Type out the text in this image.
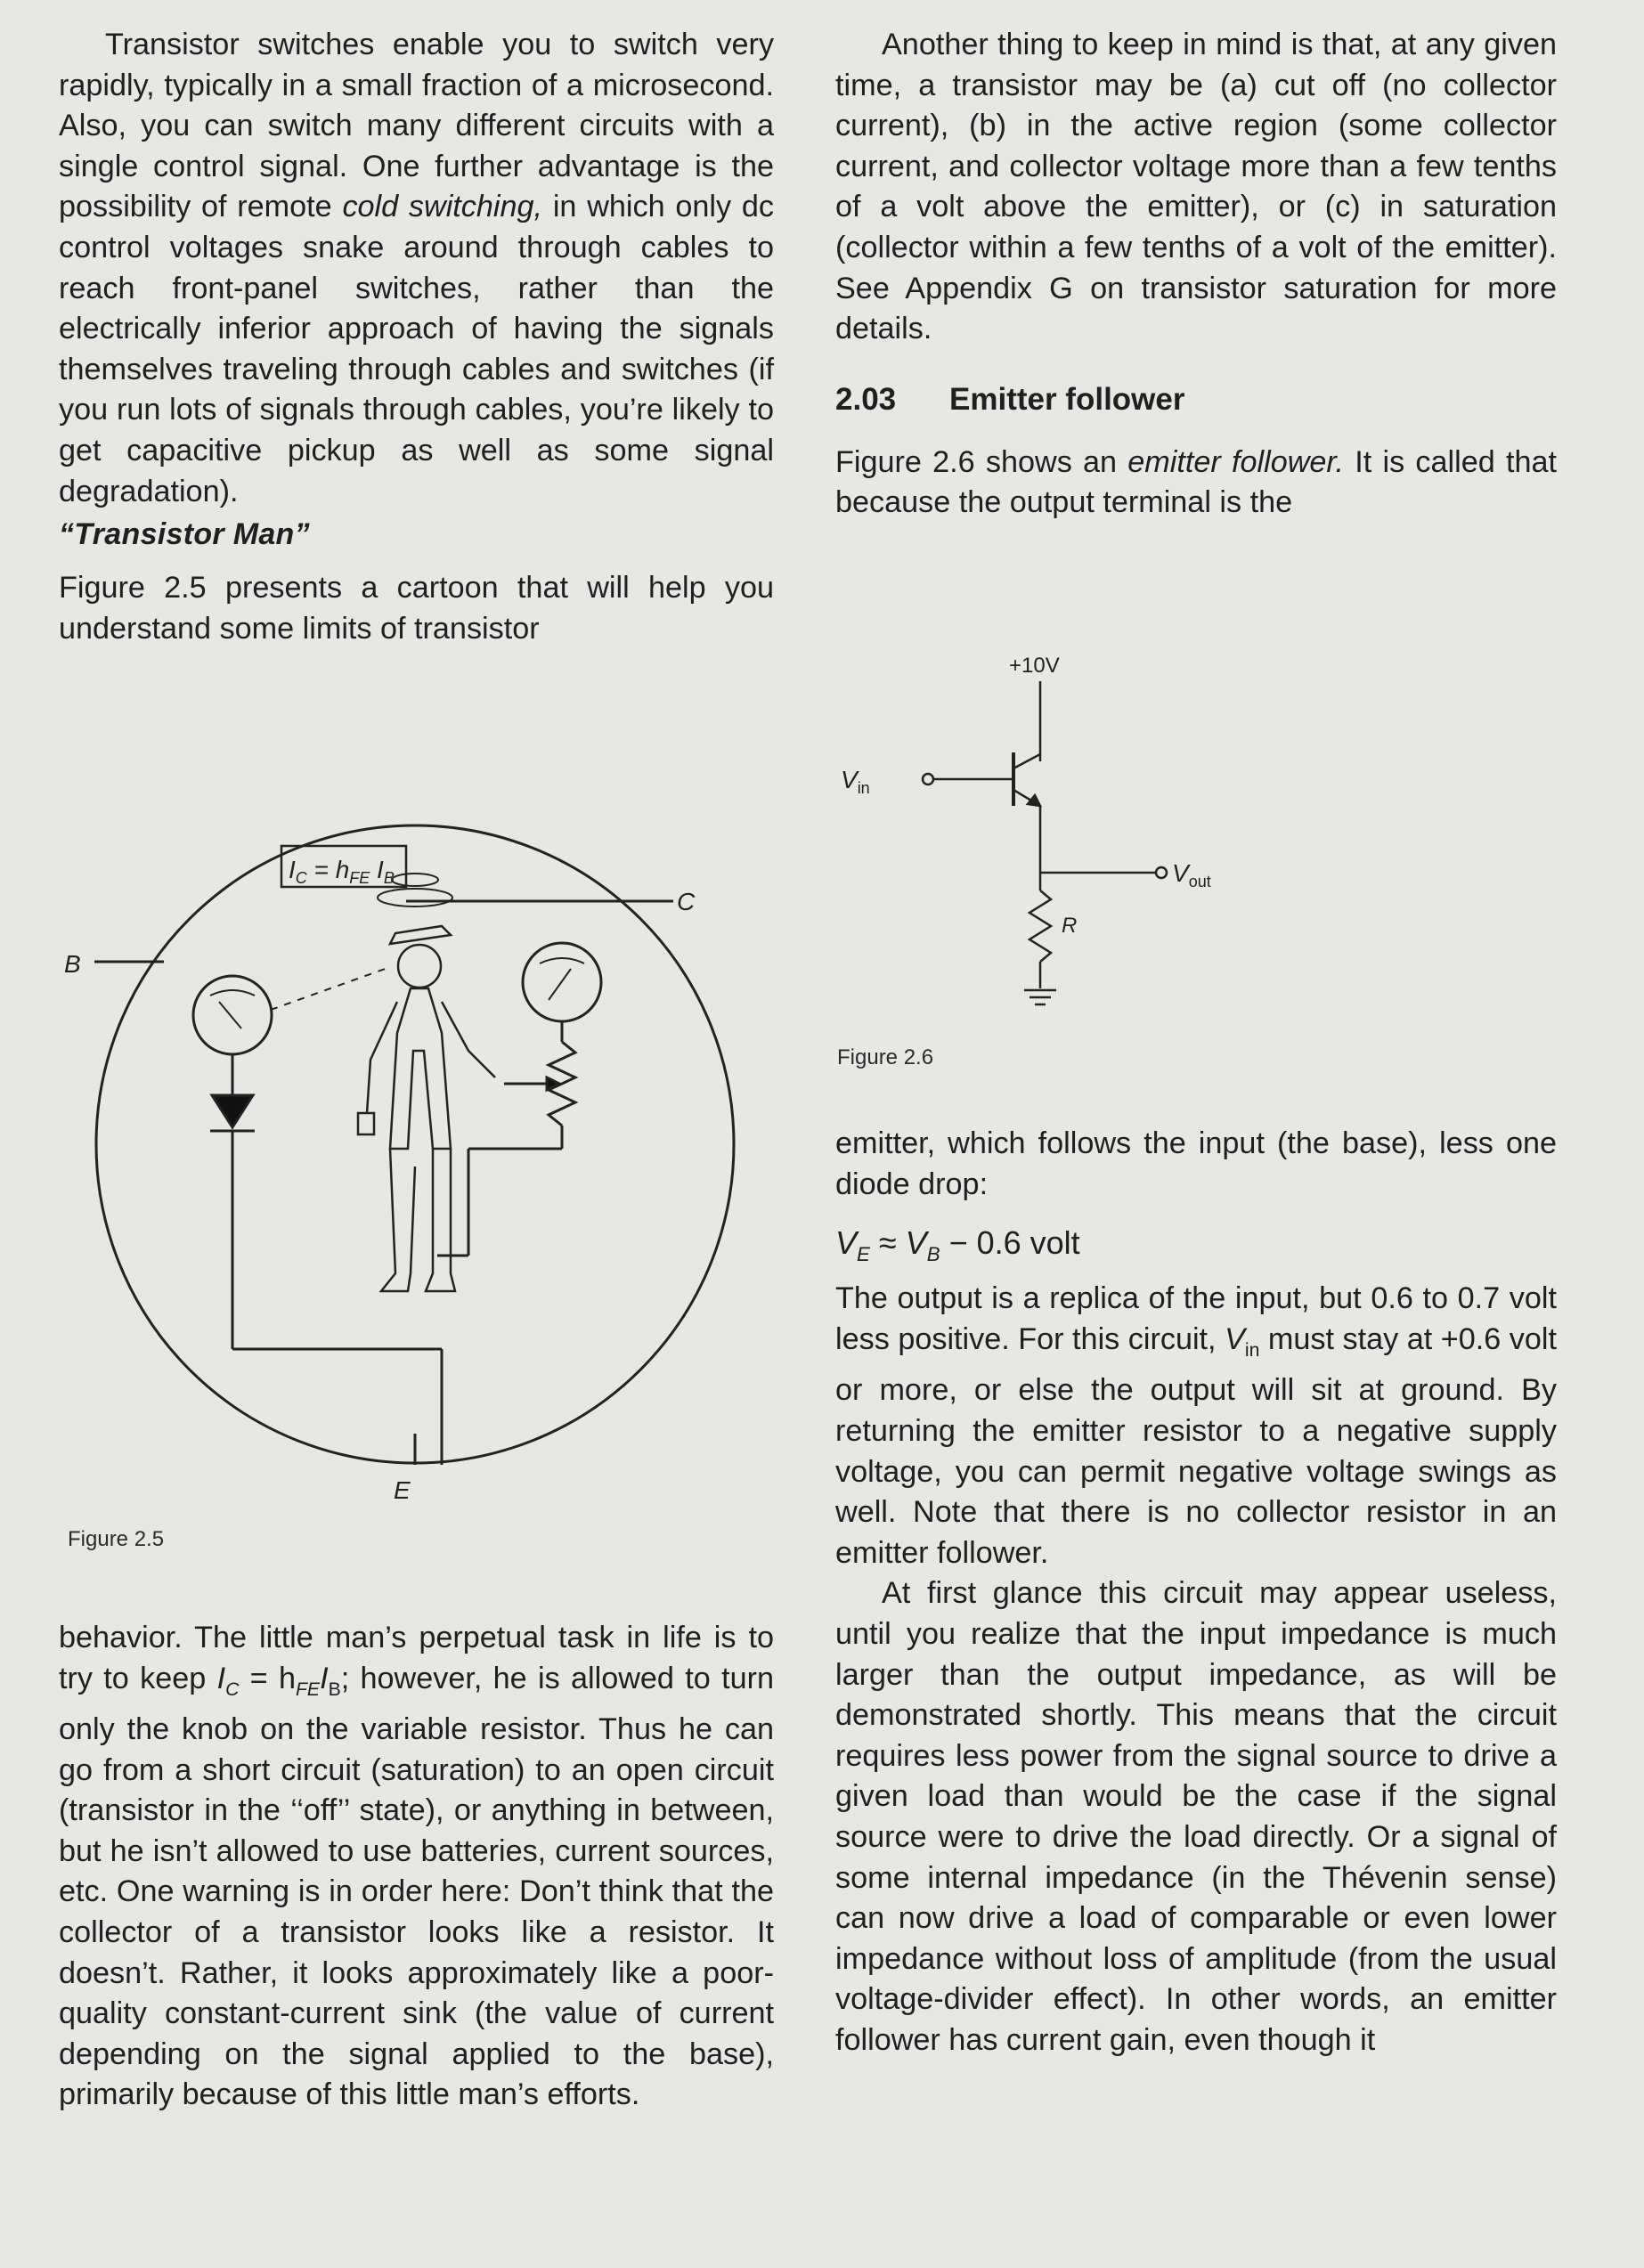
Transistor switches enable you to switch very rapidly, typically in a small fraction of a microsecond. Also, you can switch many different circuits with a single control signal. One further advantage is the possibility of remote cold switching, in which only dc control voltages snake around through cables to reach front-panel switches, rather than the electrically inferior approach of having the signals themselves traveling through cables and switches (if you run lots of signals through cables, you’re likely to get capacitive pickup as well as some signal degradation).

“Transistor Man”

Figure 2.5 presents a cartoon that will help you understand some limits of transistor

$I_C = h_{FE}$ $I_B$
B
C
E
Figure 2.5

behavior. The little man’s perpetual task in life is to try to keep $I_C = h_{FE}I_B$; however, he is allowed to turn only the knob on the variable resistor. Thus he can go from a short circuit (saturation) to an open circuit (transistor in the ‘‘off’’ state), or anything in between, but he isn’t allowed to use batteries, current sources, etc. One warning is in order here: Don’t think that the collector of a transistor looks like a resistor. It doesn’t. Rather, it looks approximately like a poor-quality constant-current sink (the value of current depending on the signal applied to the base), primarily because of this little man’s efforts.

Another thing to keep in mind is that, at any given time, a transistor may be (a) cut off (no collector current), (b) in the active region (some collector current, and collector voltage more than a few tenths of a volt above the emitter), or (c) in saturation (collector within a few tenths of a volt of the emitter). See Appendix G on transistor saturation for more details.

2.03 Emitter follower

Figure 2.6 shows an emitter follower. It is called that because the output terminal is the

+10V
$V_{in}$
$V_{out}$
R
Figure 2.6

emitter, which follows the input (the base), less one diode drop:

$V_E \approx V_B - 0.6$ volt

The output is a replica of the input, but 0.6 to 0.7 volt less positive. For this circuit, $V_{in}$ must stay at +0.6 volt or more, or else the output will sit at ground. By returning the emitter resistor to a negative supply voltage, you can permit negative voltage swings as well. Note that there is no collector resistor in an emitter follower.

At first glance this circuit may appear useless, until you realize that the input impedance is much larger than the output impedance, as will be demonstrated shortly. This means that the circuit requires less power from the signal source to drive a given load than would be the case if the signal source were to drive the load directly. Or a signal of some internal impedance (in the Thévenin sense) can now drive a load of comparable or even lower impedance without loss of amplitude (from the usual voltage-divider effect). In other words, an emitter follower has current gain, even though it
